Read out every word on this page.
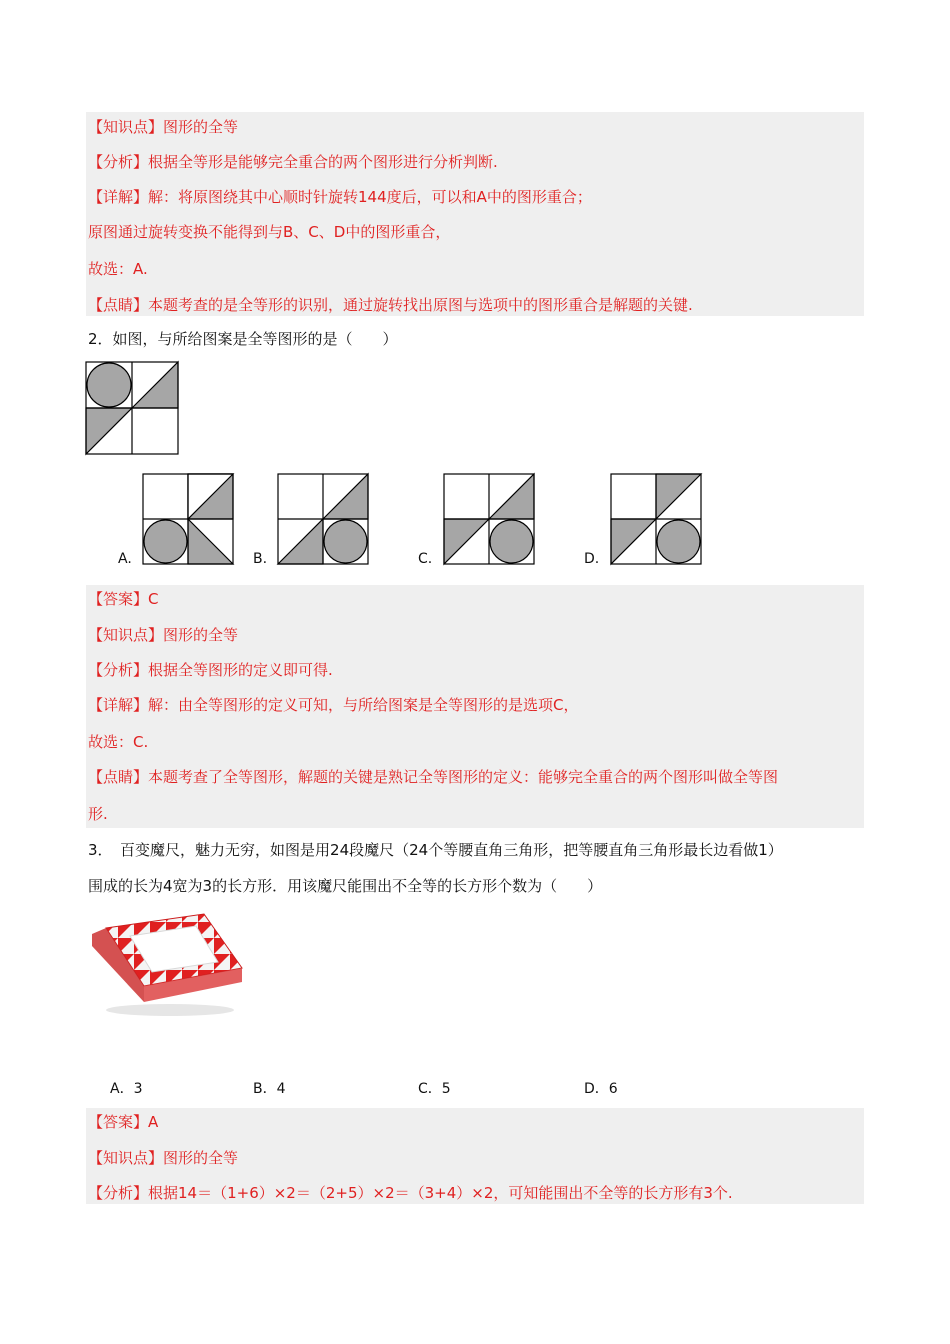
【知识点】图形的全等
【分析】根据全等形是能够完全重合的两个图形进行分析判断.
【详解】解：将原图绕其中心顺时针旋转144度后，可以和A中的图形重合；
原图通过旋转变换不能得到与B、C、D中的图形重合，
故选：A.
【点睛】本题考查的是全等形的识别，通过旋转找出原图与选项中的图形重合是解题的关键.
2．如图，与所给图案是全等图形的是（　　）
A.	B.	C.	D.
【答案】C
【知识点】图形的全等
【分析】根据全等图形的定义即可得.
【详解】解：由全等图形的定义可知，与所给图案是全等图形的是选项C，
故选：C.
【点睛】本题考查了全等图形，解题的关键是熟记全等图形的定义：能够完全重合的两个图形叫做全等图
形.
3．　百变魔尺，魅力无穷，如图是用24段魔尺（24个等腰直角三角形，把等腰直角三角形最长边看做1）
围成的长为4宽为3的长方形．用该魔尺能围出不全等的长方形个数为（　　）
A．3	B．4	C．5	D．6
【答案】A
【知识点】图形的全等
【分析】根据14＝（1+6）×2＝（2+5）×2＝（3+4）×2，可知能围出不全等的长方形有3个.
